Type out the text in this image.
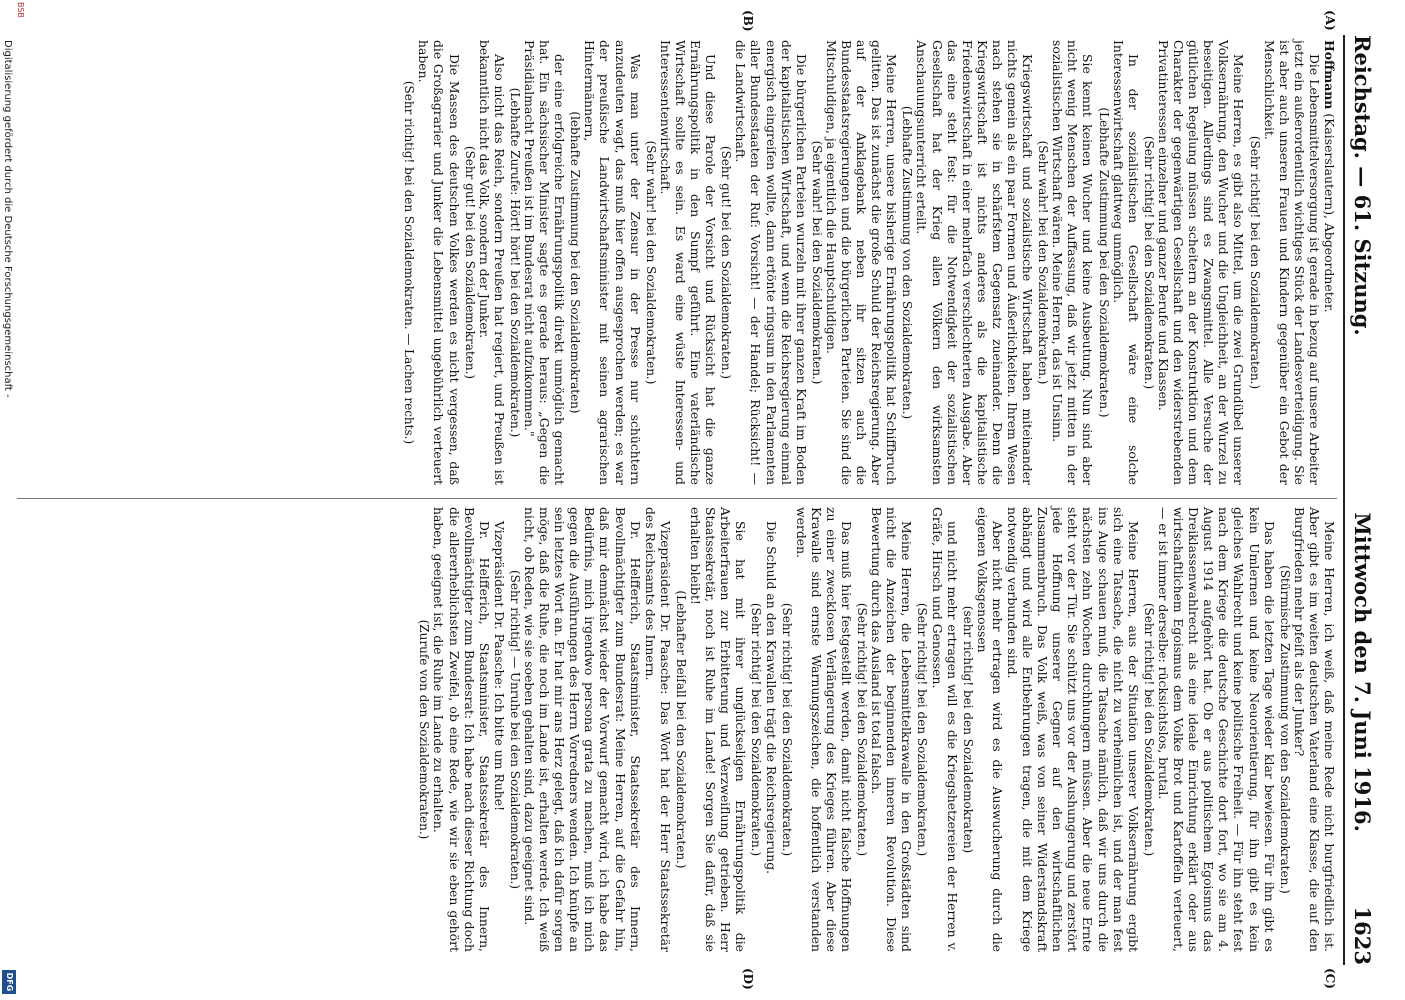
Reichstag. — 61. Sitzung.
Mittwoch den 7. Juni 1916.  1623
(A)
(B)
(C)
(D)

Hoffmann (Kaiserslautern), Abgeordneter.

Die Lebensmittelversorgung ist gerade in bezug auf unsere Arbeiter jetzt ein außerordentlich wichtiges Stück der Landesverteidigung. Sie ist aber auch unseren Frauen und Kindern gegenüber ein Gebot der Menschlichkeit.

(Sehr richtig! bei den Sozialdemokraten.)

Meine Herren, es gibt also Mittel, um die zwei Grundübel unserer Volksernährung, den Wucher und die Ungleichheit, an der Wurzel zu beseitigen. Allerdings sind es Zwangsmittel. Alle Versuche der gütlichen Regelung müssen scheitern an der Konstruktion und dem Charakter der gegenwärtigen Gesellschaft und den widerstrebenden Privatinteressen einzelner und ganzer Berufe und Klassen.

(Sehr richtig! bei den Sozialdemokraten.)

In der sozialistischen Gesellschaft wäre eine solche Interessenwirtschaft glattweg unmöglich.

(Lebhafte Zustimmung bei den Sozialdemokraten.)

Sie kennt keinen Wucher und keine Ausbeutung. Nun sind aber nicht wenig Menschen der Auffassung, daß wir jetzt mitten in der sozialistischen Wirtschaft wären. Meine Herren, das ist Unsinn.

(Sehr wahr! bei den Sozialdemokraten.)

Kriegswirtschaft und sozialistische Wirtschaft haben miteinander nichts gemein als ein paar Formen und Äußerlichkeiten. Ihrem Wesen nach stehen sie in schärfstem Gegensatz zueinander. Denn die Kriegswirtschaft ist nichts anderes als die kapitalistische Friedenswirtschaft in einer mehrfach verschlechterten Ausgabe. Aber das eine steht fest: für die Notwendigkeit der sozialistischen Gesellschaft hat der Krieg allen Völkern den wirksamsten Anschauungsunterricht erteilt.

(Lebhafte Zustimmung von den Sozialdemokraten.)

Meine Herren, unsere bisherige Ernährungspolitik hat Schiffbruch gelitten. Das ist zunächst die große Schuld der Reichsregierung. Aber auf der Anklagebank neben ihr sitzen auch die Bundesstaatsregierungen und die bürgerlichen Parteien. Sie sind die Mitschuldigen, ja eigentlich die Hauptschuldigen.

(Sehr wahr! bei den Sozialdemokraten.)

Die bürgerlichen Parteien wurzeln mit ihrer ganzen Kraft im Boden der kapitalistischen Wirtschaft, und wenn die Reichsregierung einmal energisch eingreifen wollte, dann ertönte ringsum in den Parlamenten aller Bundesstaaten der Ruf: Vorsicht! — der Handel; Rücksicht! — die Landwirtschaft.

(Sehr gut! bei den Sozialdemokraten.)

Und diese Parole der Vorsicht und Rücksicht hat die ganze Ernährungspolitik in den Sumpf geführt. Eine vaterländische Wirtschaft sollte es sein. Es ward eine wüste Interessen- und Interessentenwirtschaft.

(Sehr wahr! bei den Sozialdemokraten.)

Was man unter der Zensur in der Presse nur schüchtern anzudeuten wagt, das muß hier offen ausgesprochen werden; es war der preußische Landwirtschaftsminister mit seinen agrarischen Hintermännern,

(lebhafte Zustimmung bei den Sozialdemokraten)

der eine erfolgreiche Ernährungspolitik direkt unmöglich gemacht hat. Ein sächsischer Minister sagte es gerade heraus: „Gegen die Präsidialmacht Preußen ist im Bundesrat nicht aufzukommen."

(Lebhafte Zurufe: Hört! hört! bei den Sozialdemokraten.)

Also nicht das Reich, sondern Preußen hat regiert, und Preußen ist bekanntlich nicht das Volk, sondern der Junker.

(Sehr gut! bei den Sozialdemokraten.)

Die Massen des deutschen Volkes werden es nicht vergessen, daß die Großagrarier und Junker die Lebensmittel ungebührlich verteuert haben.

(Sehr richtig! bei den Sozialdemokraten. — Lachen rechts.)

Meine Herren, ich weiß, daß meine Rede nicht burgfriedlich ist. Aber gibt es im weiten deutschen Vaterland eine Klasse, die auf den Burgfrieden mehr pfeift als der Junker?

(Stürmische Zustimmung von den Sozialdemokraten.)

Das haben die letzten Tage wieder klar bewiesen. Für ihn gibt es kein Umlernen und keine Neuorientierung, für ihn gibt es kein gleiches Wahlrecht und keine politische Freiheit. — Für ihn steht fest nach dem Kriege die deutsche Geschichte dort fort, wo sie am 4. August 1914 aufgehört hat. Ob er aus politischem Egoismus das Dreiklassenwahlrecht als eine ideale Einrichtung erklärt oder aus wirtschaftlichem Egoismus dem Volke Brot und Kartoffeln verteuert, — er ist immer derselbe: rücksichtslos, brutal.

(Sehr richtig! bei den Sozialdemokraten.)

Meine Herren, aus der Situation unserer Volksernährung ergibt sich eine Tatsache, die nicht zu verheimlichen ist, und der man fest ins Auge schauen muß, die Tatsache nämlich, daß wir uns durch die nächsten zehn Wochen durchhungern müssen. Aber die neue Ernte steht vor der Tür. Sie schützt uns vor der Aushungerung und zerstört jede Hoffnung unserer Gegner auf den wirtschaftlichen Zusammenbruch. Das Volk weiß, was von seiner Widerstandskraft abhängt und wird alle Entbehrungen tragen, die mit dem Kriege notwendig verbunden sind.

Aber nicht mehr ertragen wird es die Auswucherung durch die eigenen Volksgenossen

(sehr richtig! bei den Sozialdemokraten)

und nicht mehr ertragen will es die Kriegshetzereien der Herren v. Gräfe, Hirsch und Genossen.

(Sehr richtig! bei den Sozialdemokraten.)

Meine Herren, die Lebensmittelkrawalle in den Großstädten sind nicht die Anzeichen der beginnenden inneren Revolution. Diese Bewertung durch das Ausland ist total falsch.

(Sehr richtig! bei den Sozialdemokraten.)

Das muß hier festgestellt werden, damit nicht falsche Hoffnungen zu einer zwecklosen Verlängerung des Krieges führen. Aber diese Krawalle sind ernste Warnungszeichen, die hoffentlich verstanden werden.

(Sehr richtig! bei den Sozialdemokraten.)

Die Schuld an den Krawallen trägt die Reichsregierung.

(Sehr richtig! bei den Sozialdemokraten.)

Sie hat mit ihrer unglückseligen Ernährungspolitik die Arbeiterfrauen zur Erbitterung und Verzweiflung getrieben. Herr Staatssekretär, noch ist Ruhe im Lande! Sorgen Sie dafür, daß sie erhalten bleibt!

(Lebhafter Beifall bei den Sozialdemokraten.)

Vizepräsident Dr. Paasche: Das Wort hat der Herr Staatssekretär des Reichsamts des Innern.

Dr. Helfferich, Staatsminister, Staatssekretär des Innern, Bevollmächtigter zum Bundesrat: Meine Herren, auf die Gefahr hin, daß mir demnächst wieder der Vorwurf gemacht wird, ich habe das Bedürfnis, mich irgendwo persona grata zu machen, muß ich mich gegen die Ausführungen des Herrn Vorredners wenden. Ich knüpfe an sein letztes Wort an. Er hat mir ans Herz gelegt, daß ich dafür sorgen möge, daß die Ruhe, die noch im Lande ist, erhalten werde. Ich weiß nicht, ob Reden, wie sie soeben gehalten sind, dazu geeignet sind.

(Sehr richtig! — Unruhe bei den Sozialdemokraten.)

Vizepräsident Dr. Paasche: Ich bitte um Ruhe!

Dr. Helfferich, Staatsminister, Staatssekretär des Innern, Bevollmächtigter zum Bundesrat: Ich habe nach dieser Richtung doch die allererheblichsten Zweifel, ob eine Rede, wie wir sie eben gehört haben, geeignet ist, die Ruhe im Lande zu erhalten.

(Zurufe von den Sozialdemokraten.)

BSB
Digitalisierung gefördert durch die Deutsche Forschungsgemeinschaft -
DFG
